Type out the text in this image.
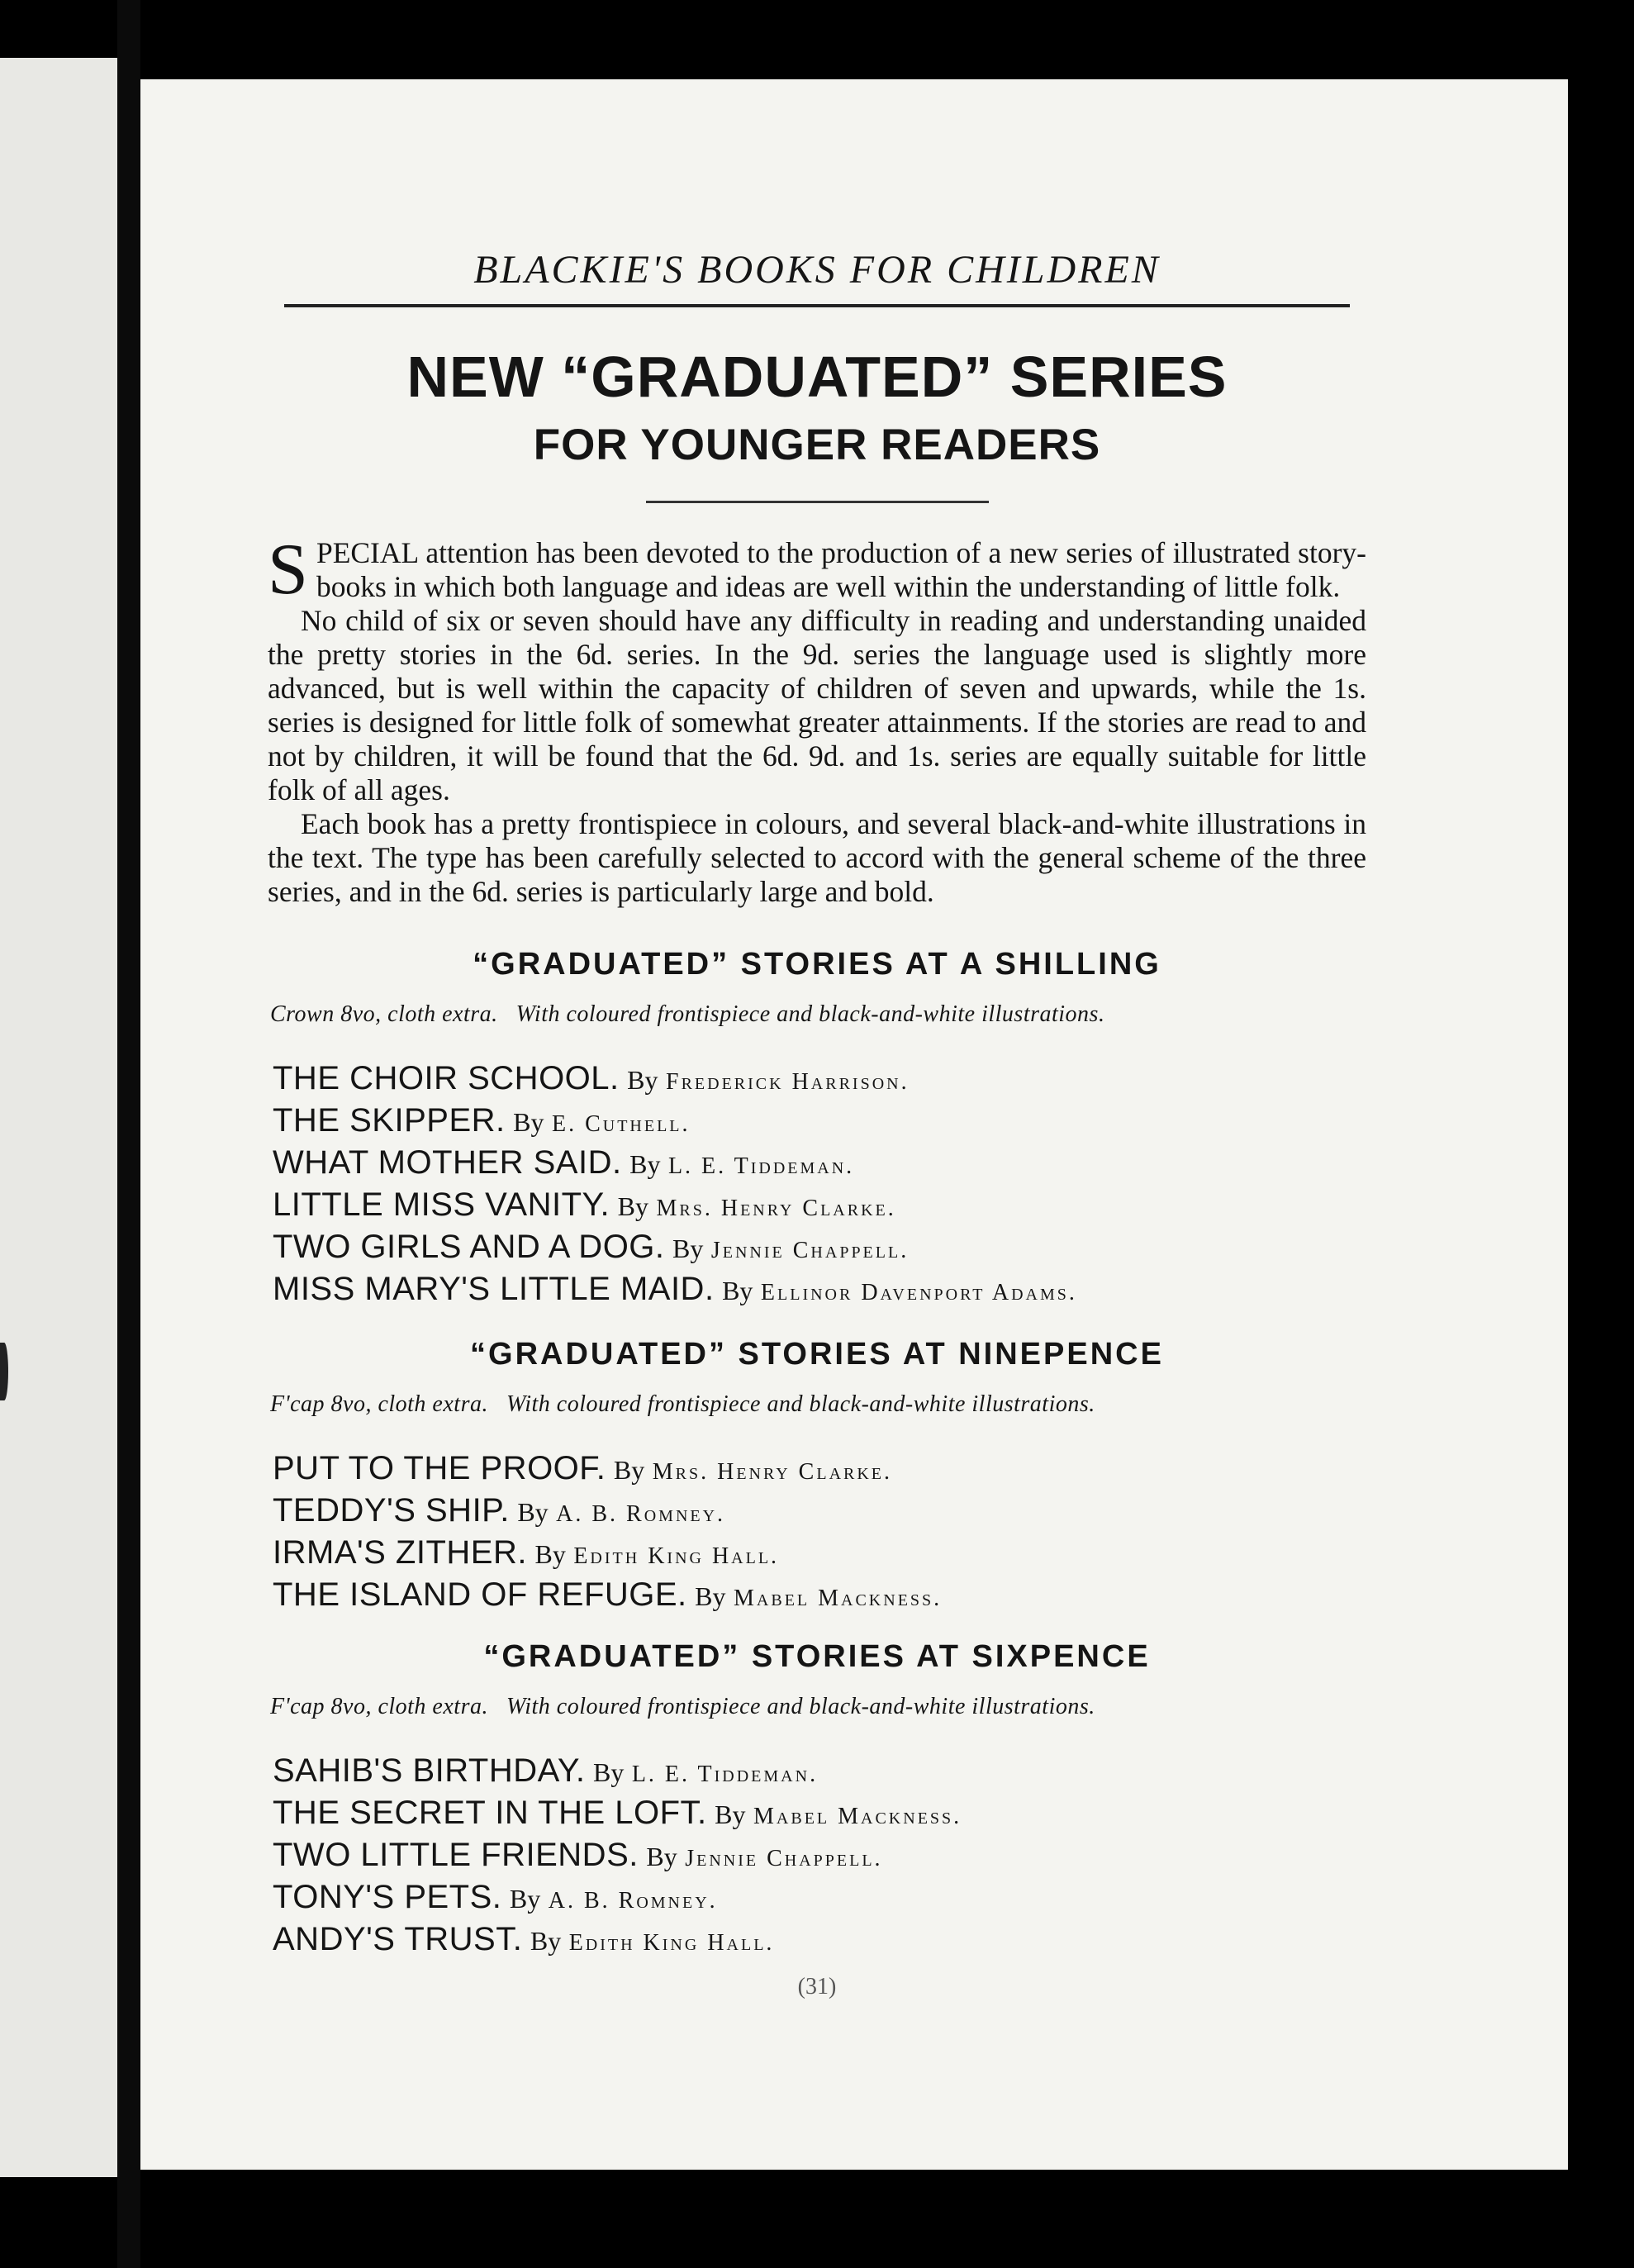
BLACKIE'S BOOKS FOR CHILDREN
NEW “GRADUATED” SERIES
FOR YOUNGER READERS

SPECIAL attention has been devoted to the production of a new series of illustrated story-books in which both language and ideas are well within the understanding of little folk.

No child of six or seven should have any difficulty in reading and understanding unaided the pretty stories in the 6d. series. In the 9d. series the language used is slightly more advanced, but is well within the capacity of children of seven and upwards, while the 1s. series is designed for little folk of somewhat greater attainments. If the stories are read to and not by children, it will be found that the 6d. 9d. and 1s. series are equally suitable for little folk of all ages.

Each book has a pretty frontispiece in colours, and several black-and-white illustrations in the text. The type has been carefully selected to accord with the general scheme of the three series, and in the 6d. series is particularly large and bold.

“GRADUATED” STORIES AT A SHILLING
Crown 8vo, cloth extra. With coloured frontispiece and black-and-white illustrations.
THE CHOIR SCHOOL. By Frederick Harrison.
THE SKIPPER. By E. Cuthell.
WHAT MOTHER SAID. By L. E. Tiddeman.
LITTLE MISS VANITY. By Mrs. Henry Clarke.
TWO GIRLS AND A DOG. By Jennie Chappell.
MISS MARY'S LITTLE MAID. By Ellinor Davenport Adams.
“GRADUATED” STORIES AT NINEPENCE
F'cap 8vo, cloth extra. With coloured frontispiece and black-and-white illustrations.
PUT TO THE PROOF. By Mrs. Henry Clarke.
TEDDY'S SHIP. By A. B. Romney.
IRMA'S ZITHER. By Edith King Hall.
THE ISLAND OF REFUGE. By Mabel Mackness.
“GRADUATED” STORIES AT SIXPENCE
F'cap 8vo, cloth extra. With coloured frontispiece and black-and-white illustrations.
SAHIB'S BIRTHDAY. By L. E. Tiddeman.
THE SECRET IN THE LOFT. By Mabel Mackness.
TWO LITTLE FRIENDS. By Jennie Chappell.
TONY'S PETS. By A. B. Romney.
ANDY'S TRUST. By Edith King Hall.
(31)
